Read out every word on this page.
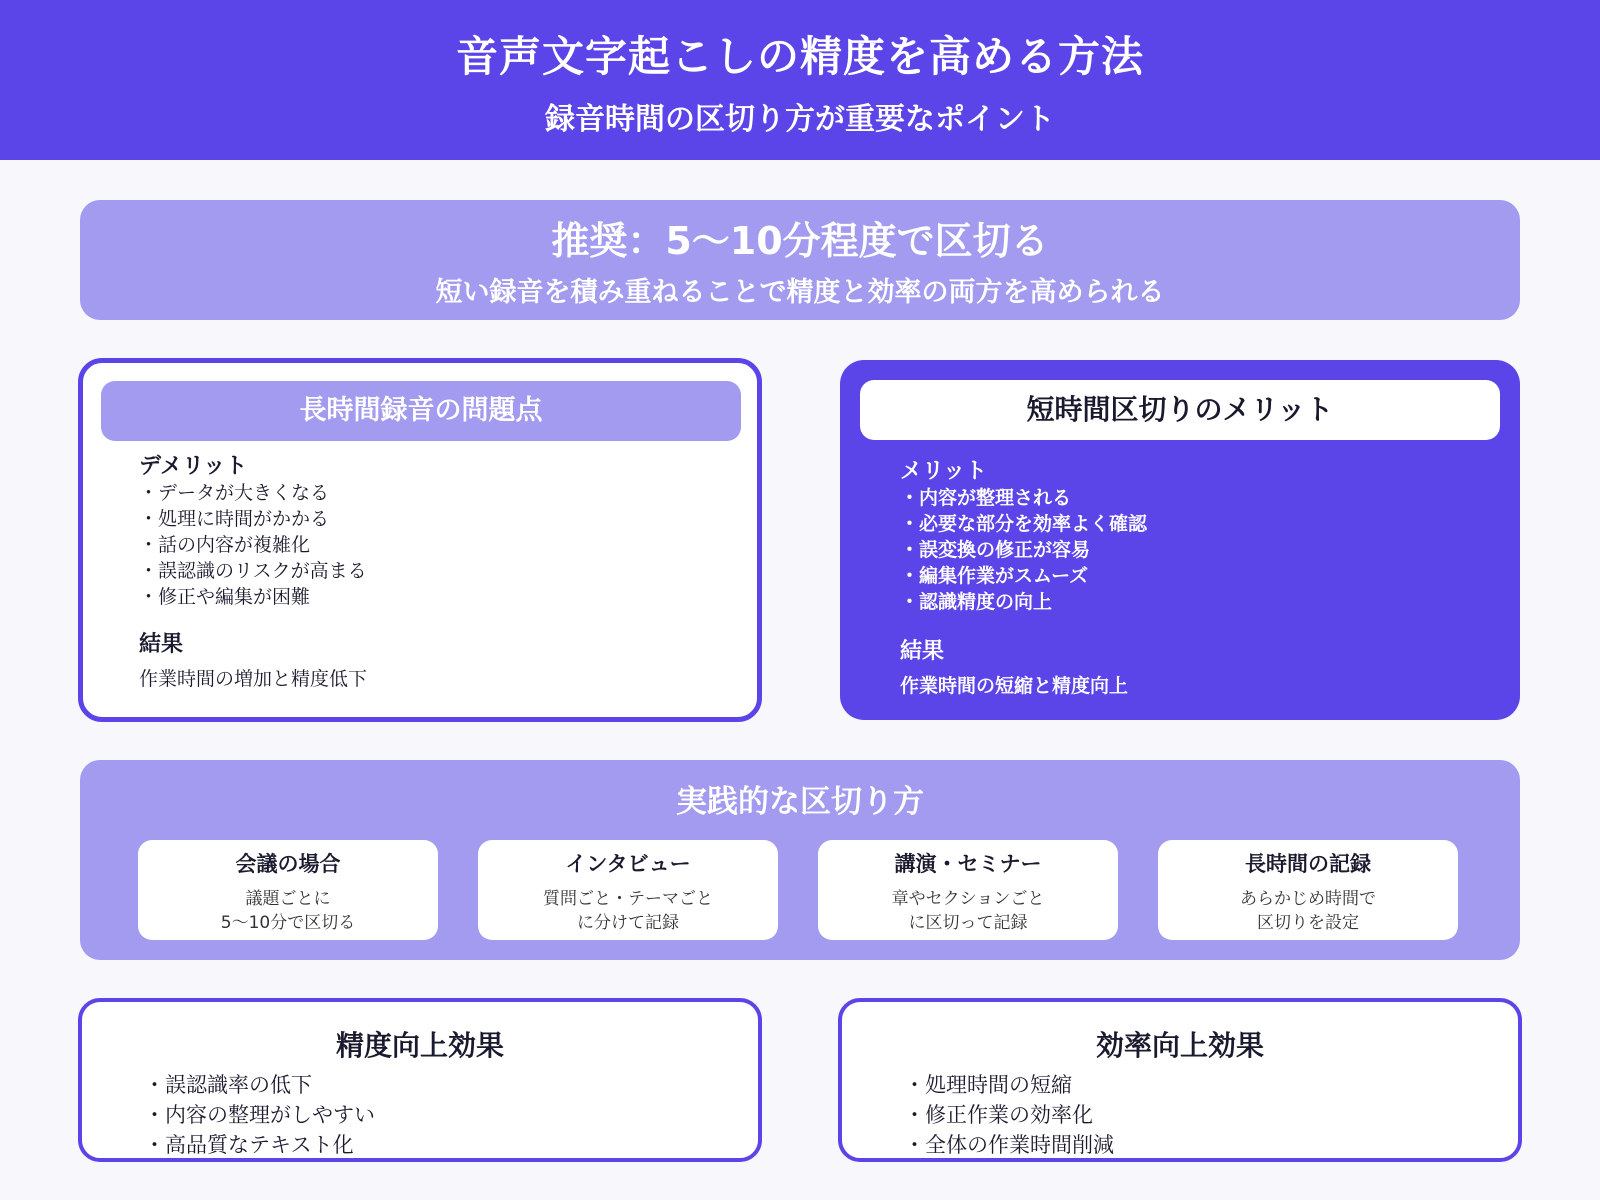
音声文字起こしの精度を高める方法
録音時間の区切り方が重要なポイント
推奨：5〜10分程度で区切る
短い録音を積み重ねることで精度と効率の両方を高められる
長時間録音の問題点
デメリット
・ データが大きくなる
・ 処理に時間がかかる
・ 話の内容が複雑化
・ 誤認識のリスクが高まる
・ 修正や編集が困難
結果
作業時間の増加と精度低下
短時間区切りのメリット
メリット
・ 内容が整理される
・ 必要な部分を効率よく確認
・ 誤変換の修正が容易
・ 編集作業がスムーズ
・ 認識精度の向上
結果
作業時間の短縮と精度向上
実践的な区切り方
会議の場合
議題ごとに
5〜10分で区切る
インタビュー
質問ごと・テーマごと
に分けて記録
講演・セミナー
章やセクションごと
に区切って記録
長時間の記録
あらかじめ時間で
区切りを設定
精度向上効果
・ 誤認識率の低下
・ 内容の整理がしやすい
・ 高品質なテキスト化
効率向上効果
・ 処理時間の短縮
・ 修正作業の効率化
・ 全体の作業時間削減
